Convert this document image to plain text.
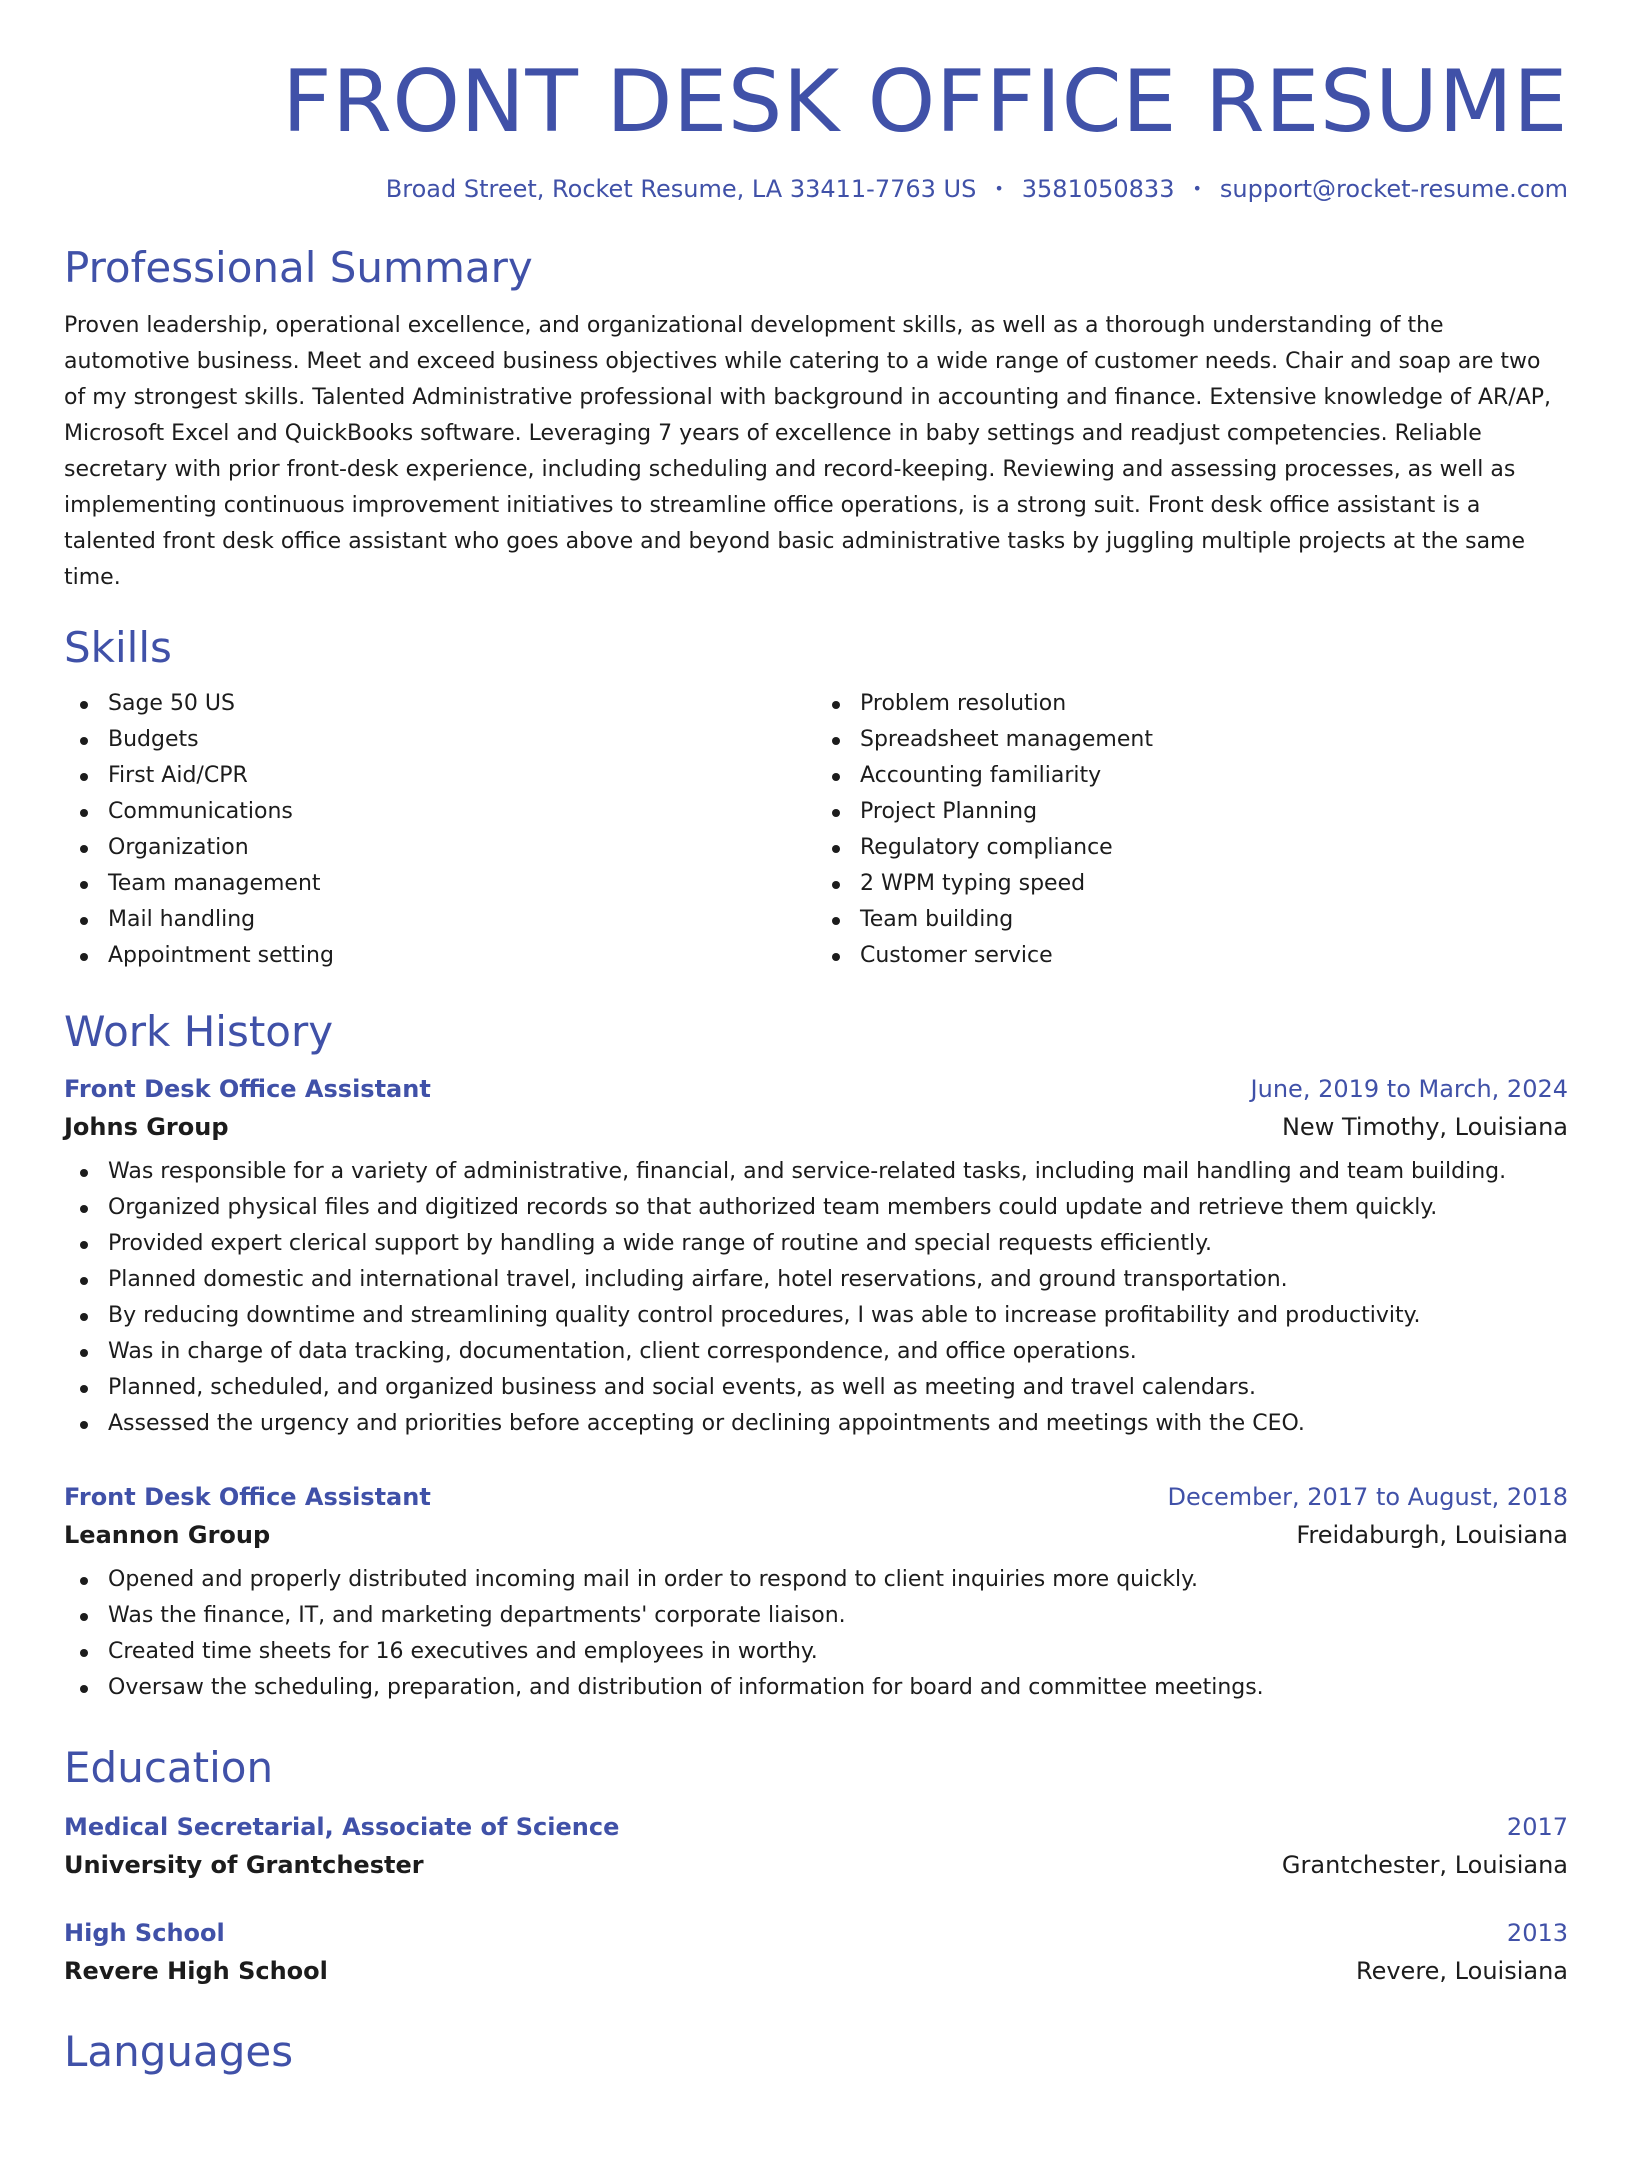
FRONT DESK OFFICE RESUME
Broad Street, Rocket Resume, LA 33411-7763 US • 3581050833 • support@rocket-resume.com
Professional Summary

Proven leadership, operational excellence, and organizational development skills, as well as a thorough understanding of the automotive business. Meet and exceed business objectives while catering to a wide range of customer needs. Chair and soap are two of my strongest skills. Talented Administrative professional with background in accounting and finance. Extensive knowledge of AR/AP, Microsoft Excel and QuickBooks software. Leveraging 7 years of excellence in baby settings and readjust competencies. Reliable secretary with prior front-desk experience, including scheduling and record-keeping. Reviewing and assessing processes, as well as implementing continuous improvement initiatives to streamline office operations, is a strong suit. Front desk office assistant is a talented front desk office assistant who goes above and beyond basic administrative tasks by juggling multiple projects at the same time.

Skills
Sage 50 US
Budgets
First Aid/CPR
Communications
Organization
Team management
Mail handling
Appointment setting
Problem resolution
Spreadsheet management
Accounting familiarity
Project Planning
Regulatory compliance
2 WPM typing speed
Team building
Customer service
Work History
Front Desk Office Assistant	June, 2019 to March, 2024
Johns Group	New Timothy, Louisiana
Was responsible for a variety of administrative, financial, and service-related tasks, including mail handling and team building.
Organized physical files and digitized records so that authorized team members could update and retrieve them quickly.
Provided expert clerical support by handling a wide range of routine and special requests efficiently.
Planned domestic and international travel, including airfare, hotel reservations, and ground transportation.
By reducing downtime and streamlining quality control procedures, I was able to increase profitability and productivity.
Was in charge of data tracking, documentation, client correspondence, and office operations.
Planned, scheduled, and organized business and social events, as well as meeting and travel calendars.
Assessed the urgency and priorities before accepting or declining appointments and meetings with the CEO.
Front Desk Office Assistant	December, 2017 to August, 2018
Leannon Group	Freidaburgh, Louisiana
Opened and properly distributed incoming mail in order to respond to client inquiries more quickly.
Was the finance, IT, and marketing departments' corporate liaison.
Created time sheets for 16 executives and employees in worthy.
Oversaw the scheduling, preparation, and distribution of information for board and committee meetings.
Education
Medical Secretarial, Associate of Science	2017
University of Grantchester	Grantchester, Louisiana
High School	2013
Revere High School	Revere, Louisiana
Languages
